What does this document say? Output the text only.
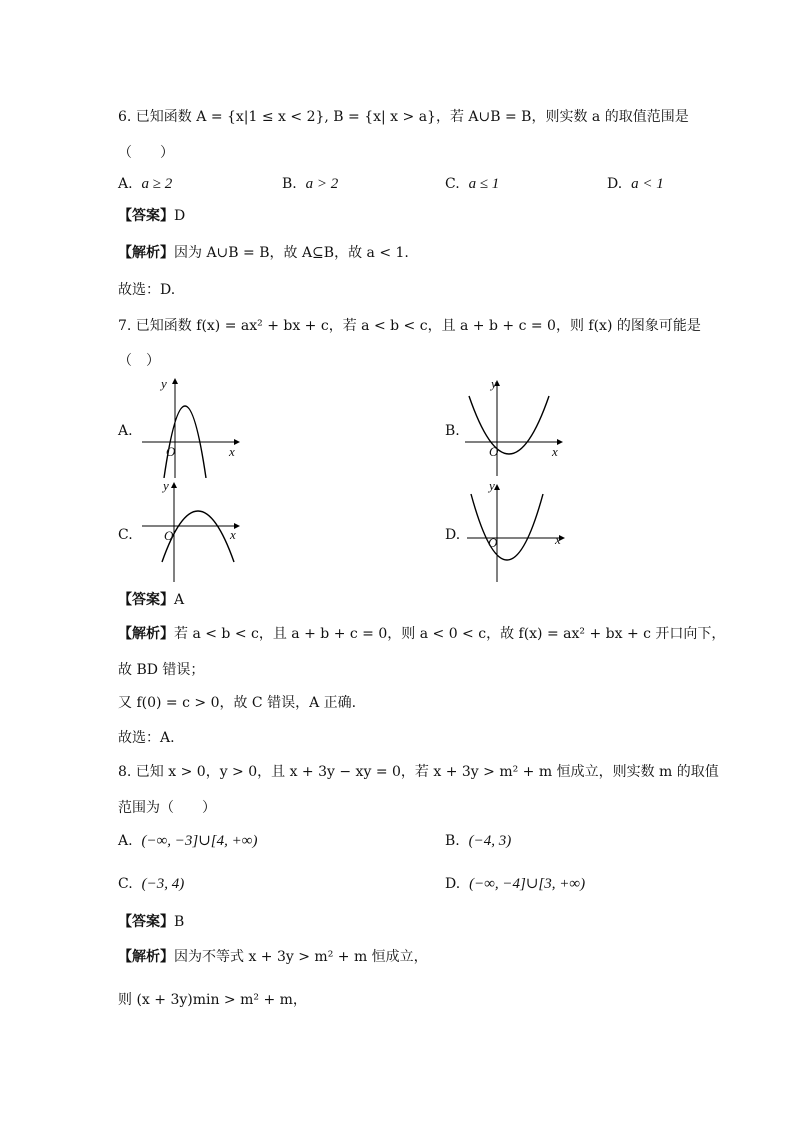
6. 已知函数 A = {x|1 ≤ x < 2}, B = {x| x > a}，若 A∪B = B，则实数 a 的取值范围是
（　　）
A. a ≥ 2	B. a > 2	C. a ≤ 1	D. a < 1
【答案】D
【解析】因为 A∪B = B，故 A⊆B，故 a < 1.
故选：D.
7. 已知函数 f(x) = ax² + bx + c，若 a < b < c，且 a + b + c = 0，则 f(x) 的图象可能是
（　）
A.
y
x
O
B.
y
x
O
C.
y
x
O	D.
y
x
O
【答案】A
【解析】若 a < b < c，且 a + b + c = 0，则 a < 0 < c，故 f(x) = ax² + bx + c 开口向下，
故 BD 错误；
又 f(0) = c > 0，故 C 错误，A 正确.
故选：A.
8. 已知 x > 0，y > 0，且 x + 3y − xy = 0，若 x + 3y > m² + m 恒成立，则实数 m 的取值
范围为（　　）
A. (−∞, −3]∪[4, +∞)	B. (−4, 3)
C. (−3, 4)	D. (−∞, −4]∪[3, +∞)
【答案】B
【解析】因为不等式 x + 3y > m² + m 恒成立，
则 (x + 3y)min > m² + m，
